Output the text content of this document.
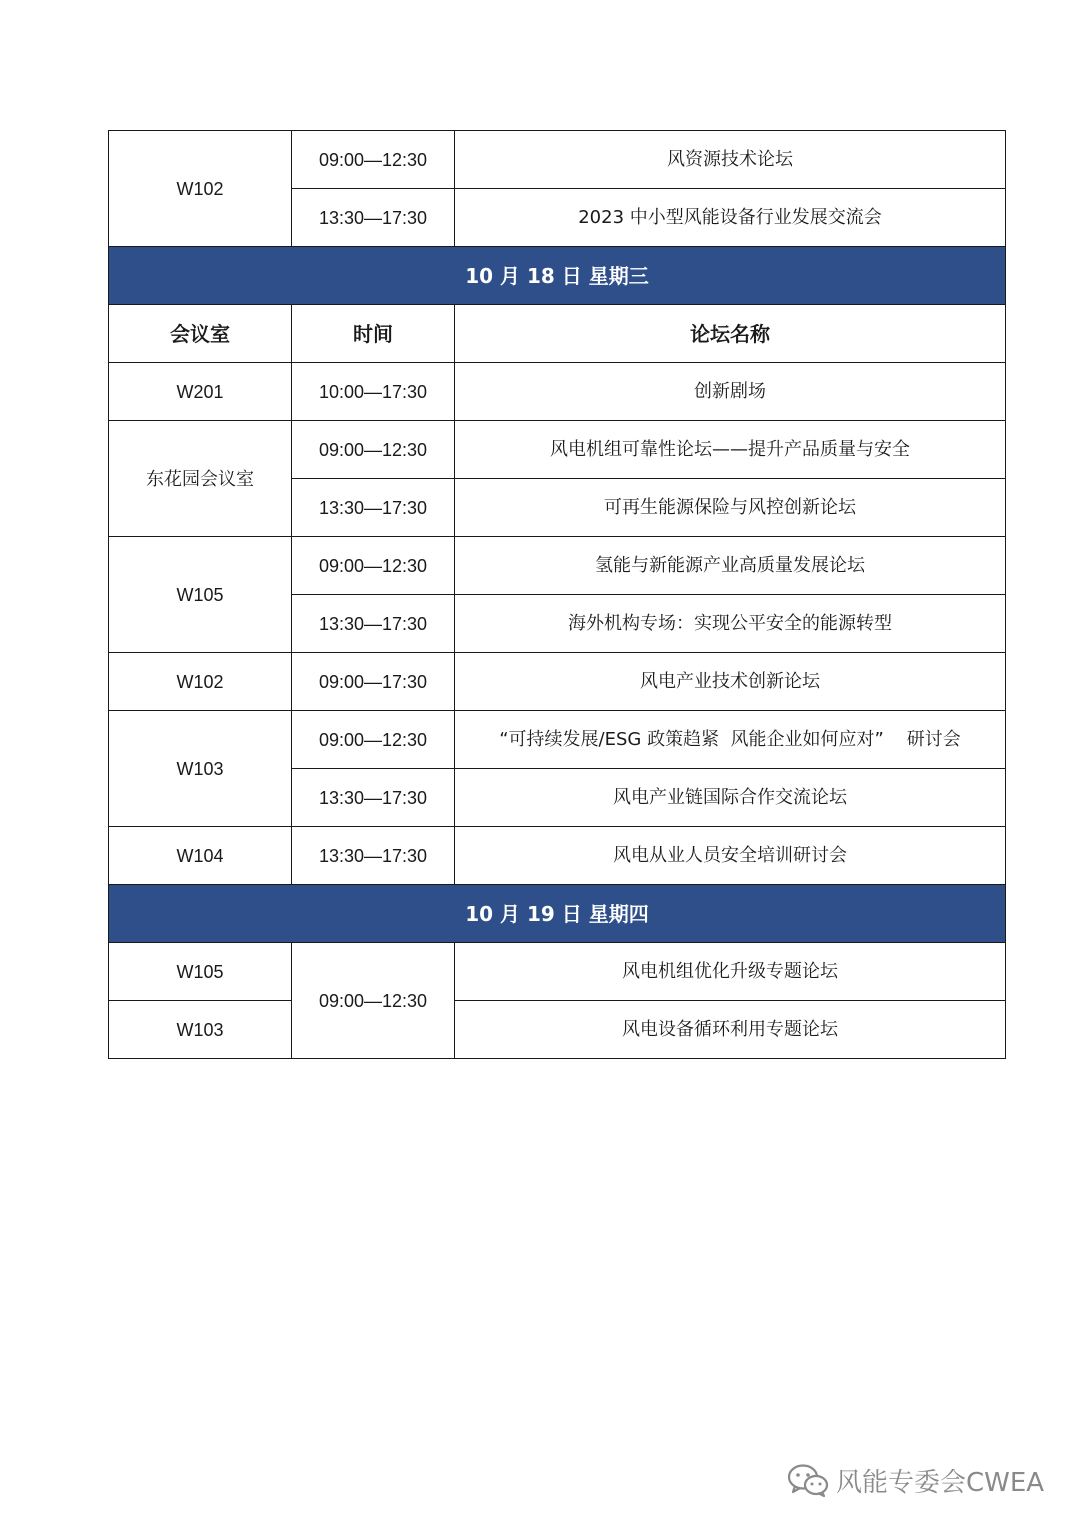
W102	09:00—12:30	风资源技术论坛
	13:30—17:30	2023 中小型风能设备行业发展交流会
10 月 18 日 星期三		
会议室	时间	论坛名称
W201	10:00—17:30	创新剧场
东花园会议室	09:00—12:30	风电机组可靠性论坛——提升产品质量与安全
	13:30—17:30	可再生能源保险与风控创新论坛
W105	09:00—12:30	氢能与新能源产业高质量发展论坛
	13:30—17:30	海外机构专场：实现公平安全的能源转型
W102	09:00—17:30	风电产业技术创新论坛
W103	09:00—12:30	“可持续发展/ESG 政策趋紧  风能企业如何应对”    研讨会
	13:30—17:30	风电产业链国际合作交流论坛
W104	13:30—17:30	风电从业人员安全培训研讨会
10 月 19 日 星期四		
W105	09:00—12:30	风电机组优化升级专题论坛
W103		风电设备循环利用专题论坛
风能专委会CWEA
